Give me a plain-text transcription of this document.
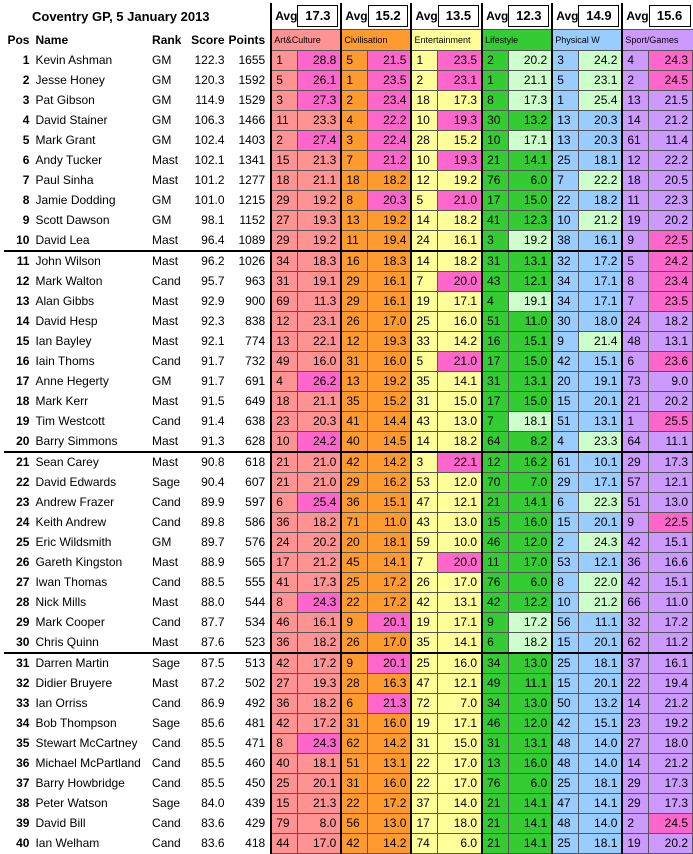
Coventry GP, 5 January 2013					Avg	17.3	Avg	15.2	Avg	13.5	Avg	12.3	Avg	14.9	Avg	15.6

Pos	Name	Rank	Score	Points	Art&Culture		Civilisation		Entertainment		Lifestyle		Physical W		Sport/Games	
1	Kevin Ashman	GM	122.3	1655	1	28.8	5	21.5	1	23.5	2	20.2	3	24.2	4	24.3
2	Jesse Honey	GM	120.3	1592	5	26.1	1	23.5	2	23.1	1	21.1	5	23.1	2	24.5
3	Pat Gibson	GM	114.9	1529	3	27.3	2	23.4	18	17.3	8	17.3	1	25.4	13	21.5
4	David Stainer	GM	106.3	1466	11	23.3	4	22.2	10	19.3	30	13.2	13	20.3	14	21.2
5	Mark Grant	GM	102.4	1403	2	27.4	3	22.4	28	15.2	10	17.1	13	20.3	61	11.4
6	Andy Tucker	Mast	102.1	1341	15	21.3	7	21.2	10	19.3	21	14.1	25	18.1	12	22.2
7	Paul Sinha	Mast	101.2	1277	18	21.1	18	18.2	12	19.2	76	6.0	7	22.2	18	20.5
8	Jamie Dodding	GM	101.0	1215	29	19.2	8	20.3	5	21.0	17	15.0	22	18.2	11	22.3
9	Scott Dawson	GM	98.1	1152	27	19.3	13	19.2	14	18.2	41	12.3	10	21.2	19	20.2
10	David Lea	Mast	96.4	1089	29	19.2	11	19.4	24	16.1	3	19.2	38	16.1	9	22.5
11	John Wilson	Mast	96.2	1026	34	18.3	16	18.3	14	18.2	31	13.1	32	17.2	5	24.2
12	Mark Walton	Cand	95.7	963	31	19.1	29	16.1	7	20.0	43	12.1	34	17.1	8	23.4
13	Alan Gibbs	Mast	92.9	900	69	11.3	29	16.1	19	17.1	4	19.1	34	17.1	7	23.5
14	David Hesp	Mast	92.3	838	12	23.1	26	17.0	25	16.0	51	11.0	30	18.0	24	18.2
15	Ian Bayley	Mast	92.1	774	13	22.1	12	19.3	33	14.2	16	15.1	9	21.4	48	13.1
16	Iain Thoms	Cand	91.7	732	49	16.0	31	16.0	5	21.0	17	15.0	42	15.1	6	23.6
17	Anne Hegerty	GM	91.7	691	4	26.2	13	19.2	35	14.1	31	13.1	20	19.1	73	9.0
18	Mark Kerr	Mast	91.5	649	18	21.1	35	15.2	31	15.0	17	15.0	15	20.1	21	20.2
19	Tim Westcott	Cand	91.4	638	23	20.3	41	14.4	43	13.0	7	18.1	51	13.1	1	25.5
20	Barry Simmons	Mast	91.3	628	10	24.2	40	14.5	14	18.2	64	8.2	4	23.3	64	11.1
21	Sean Carey	Mast	90.8	618	21	21.0	42	14.2	3	22.1	12	16.2	61	10.1	29	17.3
22	David Edwards	Sage	90.4	607	21	21.0	29	16.2	53	12.0	70	7.0	29	17.1	57	12.1
23	Andrew Frazer	Cand	89.9	597	6	25.4	36	15.1	47	12.1	21	14.1	6	22.3	51	13.0
24	Keith Andrew	Cand	89.8	586	36	18.2	71	11.0	43	13.0	15	16.0	15	20.1	9	22.5
25	Eric Wildsmith	GM	89.7	576	24	20.2	20	18.1	59	10.0	46	12.0	2	24.3	42	15.1
26	Gareth Kingston	Mast	88.9	565	17	21.2	45	14.1	7	20.0	11	17.0	53	12.1	36	16.6
27	Iwan Thomas	Cand	88.5	555	41	17.3	25	17.2	26	17.0	76	6.0	8	22.0	42	15.1
28	Nick Mills	Mast	88.0	544	8	24.3	22	17.2	42	13.1	42	12.2	10	21.2	66	11.0
29	Mark Cooper	Cand	87.7	534	46	16.1	9	20.1	19	17.1	9	17.2	56	11.1	32	17.2
30	Chris Quinn	Mast	87.6	523	36	18.2	26	17.0	35	14.1	6	18.2	15	20.1	62	11.2
31	Darren Martin	Sage	87.5	513	42	17.2	9	20.1	25	16.0	34	13.0	25	18.1	37	16.1
32	Didier Bruyere	Mast	87.2	502	27	19.3	28	16.3	47	12.1	49	11.1	15	20.1	22	19.4
33	Ian Orriss	Cand	86.9	492	36	18.2	6	21.3	72	7.0	34	13.0	50	13.2	14	21.2
34	Bob Thompson	Sage	85.6	481	42	17.2	31	16.0	19	17.1	46	12.0	42	15.1	23	19.2
35	Stewart McCartney	Cand	85.5	471	8	24.3	62	14.2	31	15.0	31	13.1	48	14.0	27	18.0
36	Michael McPartland	Cand	85.5	460	40	18.1	51	13.1	22	17.0	13	16.0	48	14.0	14	21.2
37	Barry Howbridge	Cand	85.5	450	25	20.1	31	16.0	22	17.0	76	6.0	25	18.1	29	17.3
38	Peter Watson	Sage	84.0	439	15	21.3	22	17.2	37	14.0	21	14.1	47	14.1	29	17.3
39	David Bill	Cand	83.6	429	79	8.0	56	13.0	17	18.0	21	14.1	48	14.0	2	24.5
40	Ian Welham	Cand	83.6	418	44	17.0	42	14.2	74	6.0	21	14.1	25	18.1	19	20.2
